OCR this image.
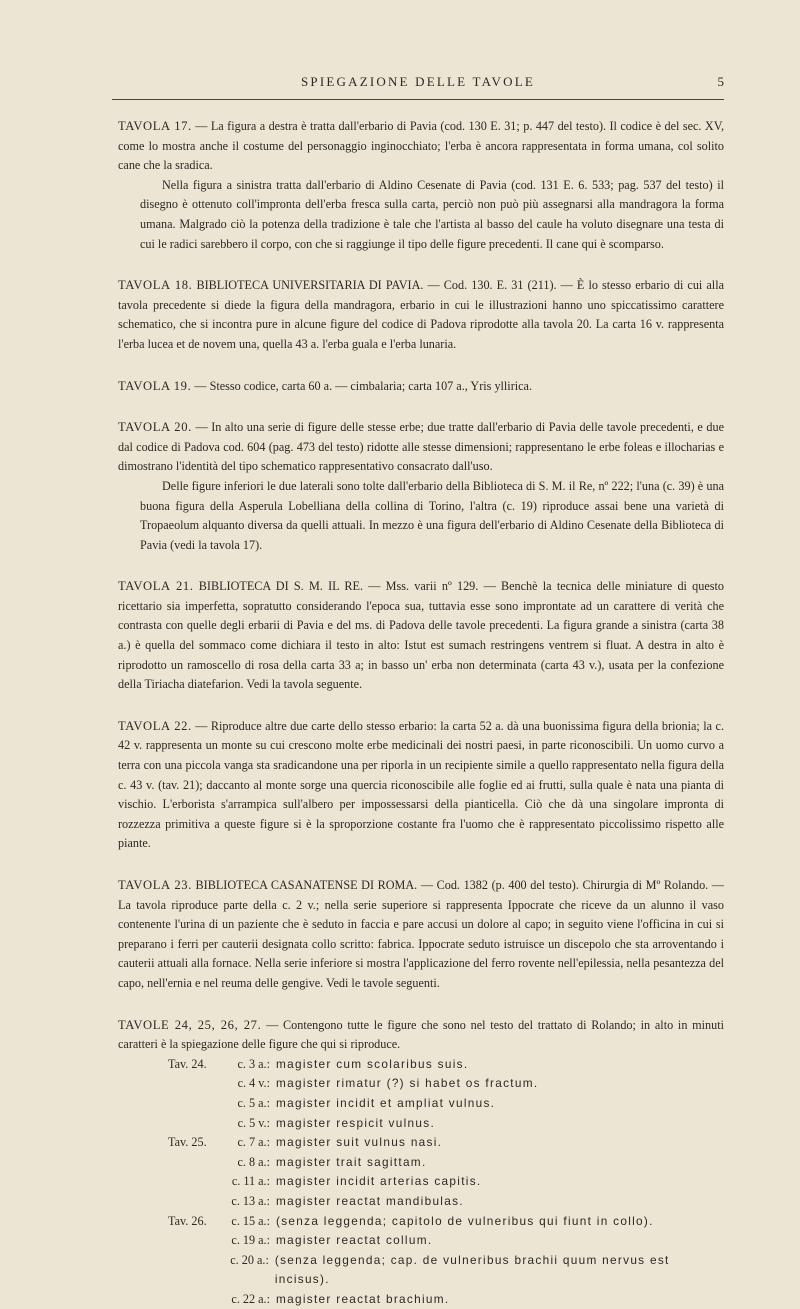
SPIEGAZIONE DELLE TAVOLE	5

TAVOLA 17. — La figura a destra è tratta dall'erbario di Pavia (cod. 130 E. 31; p. 447 del testo). Il codice è del sec. XV, come lo mostra anche il costume del personaggio inginocchiato; l'erba è ancora rappresentata in forma umana, col solito cane che la sradica.

Nella figura a sinistra tratta dall'erbario di Aldino Cesenate di Pavia (cod. 131 E. 6. 533; pag. 537 del testo) il disegno è ottenuto coll'impronta dell'erba fresca sulla carta, perciò non può più assegnarsi alla mandragora la forma umana. Malgrado ciò la potenza della tradizione è tale che l'artista al basso del caule ha voluto disegnare una testa di cui le radici sarebbero il corpo, con che si raggiunge il tipo delle figure precedenti. Il cane qui è scomparso.

TAVOLA 18. BIBLIOTECA UNIVERSITARIA DI PAVIA. — Cod. 130. E. 31 (211). — È lo stesso erbario di cui alla tavola precedente si diede la figura della mandragora, erbario in cui le illustrazioni hanno uno spiccatissimo carattere schematico, che si incontra pure in alcune figure del codice di Padova riprodotte alla tavola 20. La carta 16 v. rappresenta l'erba lucea et de novem una, quella 43 a. l'erba guala e l'erba lunaria.

TAVOLA 19. — Stesso codice, carta 60 a. — cimbalaria; carta 107 a., Yris yllirica.

TAVOLA 20. — In alto una serie di figure delle stesse erbe; due tratte dall'erbario di Pavia delle tavole precedenti, e due dal codice di Padova cod. 604 (pag. 473 del testo) ridotte alle stesse dimensioni; rappresentano le erbe foleas e illocharias e dimostrano l'identità del tipo schematico rappresentativo consacrato dall'uso.

Delle figure inferiori le due laterali sono tolte dall'erbario della Biblioteca di S. M. il Re, nº 222; l'una (c. 39) è una buona figura della Asperula Lobelliana della collina di Torino, l'altra (c. 19) riproduce assai bene una varietà di Tropaeolum alquanto diversa da quelli attuali. In mezzo è una figura dell'erbario di Aldino Cesenate della Biblioteca di Pavia (vedi la tavola 17).

TAVOLA 21. BIBLIOTECA DI S. M. IL RE. — Mss. varii nº 129. — Benchè la tecnica delle miniature di questo ricettario sia imperfetta, sopratutto considerando l'epoca sua, tuttavia esse sono improntate ad un carattere di verità che contrasta con quelle degli erbarii di Pavia e del ms. di Padova delle tavole precedenti. La figura grande a sinistra (carta 38 a.) è quella del sommaco come dichiara il testo in alto: Istut est sumach restringens ventrem si fluat. A destra in alto è riprodotto un ramoscello di rosa della carta 33 a; in basso un' erba non determinata (carta 43 v.), usata per la confezione della Tiriacha diatefarion. Vedi la tavola seguente.

TAVOLA 22. — Riproduce altre due carte dello stesso erbario: la carta 52 a. dà una buonissima figura della brionia; la c. 42 v. rappresenta un monte su cui crescono molte erbe medicinali dei nostri paesi, in parte riconoscibili. Un uomo curvo a terra con una piccola vanga sta sradicandone una per riporla in un recipiente simile a quello rappresentato nella figura della c. 43 v. (tav. 21); daccanto al monte sorge una quercia riconoscibile alle foglie ed ai frutti, sulla quale è nata una pianta di vischio. L'erborista s'arrampica sull'albero per impossessarsi della pianticella. Ciò che dà una singolare impronta di rozzezza primitiva a queste figure si è la sproporzione costante fra l'uomo che è rappresentato piccolissimo rispetto alle piante.

TAVOLA 23. BIBLIOTECA CASANATENSE DI ROMA. — Cod. 1382 (p. 400 del testo). Chirurgia di Mº Rolando. — La tavola riproduce parte della c. 2 v.; nella serie superiore si rappresenta Ippocrate che riceve da un alunno il vaso contenente l'urina di un paziente che è seduto in faccia e pare accusi un dolore al capo; in seguito viene l'officina in cui si preparano i ferri per cauterii designata collo scritto: fabrica. Ippocrate seduto istruisce un discepolo che sta arroventando i cauterii attuali alla fornace. Nella serie inferiore si mostra l'applicazione del ferro rovente nell'epilessia, nella pesantezza del capo, nell'ernia e nel reuma delle gengive. Vedi le tavole seguenti.

TAVOLE 24, 25, 26, 27. — Contengono tutte le figure che sono nel testo del trattato di Rolando; in alto in minuti caratteri è la spiegazione delle figure che qui si riproduce.

Tav. 24.	c. 3 a.: magister cum scolaribus suis.
c. 4 v.: magister rimatur (?) si habet os fractum.
c. 5 a.: magister incidit et ampliat vulnus.
c. 5 v.: magister respicit vulnus.
Tav. 25.	c. 7 a.: magister suit vulnus nasi.
c. 8 a.: magister trait sagittam.
c. 11 a.: magister incidit arterias capitis.
c. 13 a.: magister reactat mandibulas.
Tav. 26.	c. 15 a.: (senza leggenda; capitolo de vulneribus qui fiunt in collo).
c. 19 a.: magister reactat collum.
c. 20 a.: (senza leggenda; cap. de vulneribus brachii quum nervus est incisus).
c. 22 a.: magister reactat brachium.
